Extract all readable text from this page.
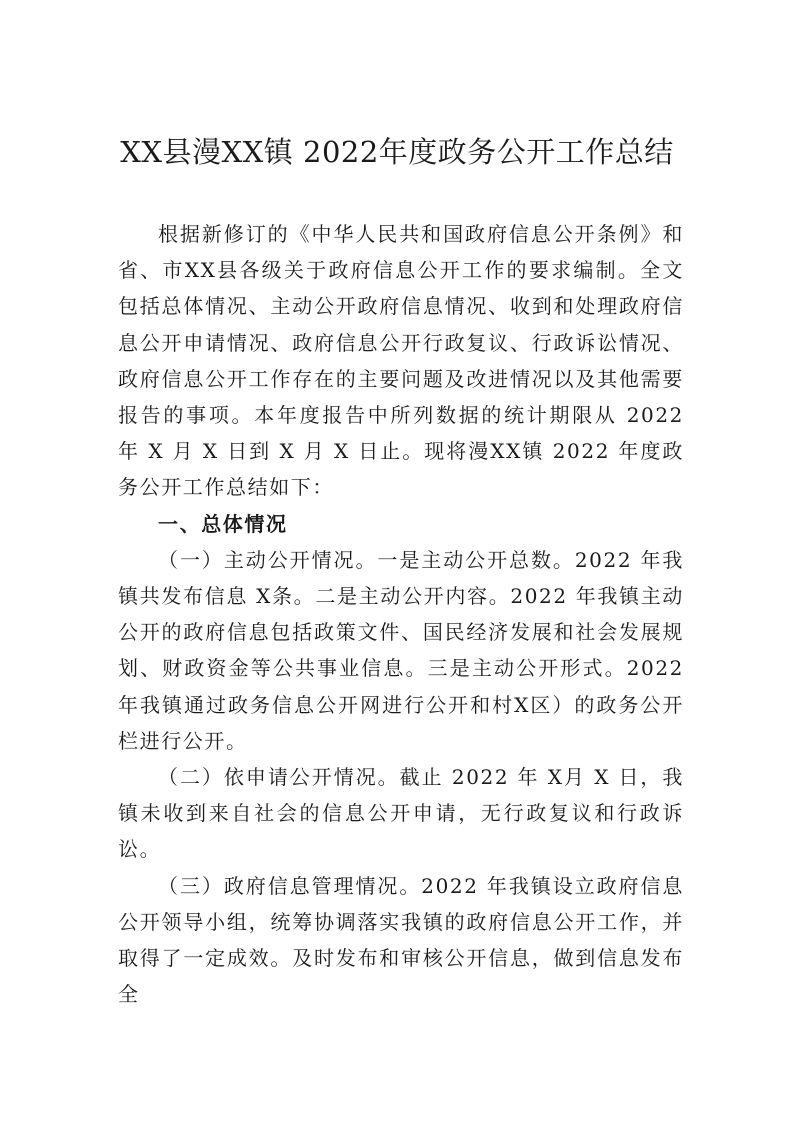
XX县漫XX镇 2022年度政务公开工作总结

根据新修订的《中华人民共和国政府信息公开条例》和省、市XX县各级关于政府信息公开工作的要求编制。全文包括总体情况、主动公开政府信息情况、收到和处理政府信息公开申请情况、政府信息公开行政复议、行政诉讼情况、政府信息公开工作存在的主要问题及改进情况以及其他需要 报告的事项。本年度报告中所列数据的统计期限从 2022 年 X 月 X 日到 X 月 X 日止。现将漫XX镇 2022 年度政务公开工作总结如下：

一、总体情况

（一）主动公开情况。一是主动公开总数。2022 年我镇共发布信息 X条。二是主动公开内容。2022 年我镇主动公开的政府信息包括政策文件、国民经济发展和社会发展规划、财政资金等公共事业信息。三是主动公开形式。2022 年我镇通过政务信息公开网进行公开和村X区）的政务公开栏进行公开。

（二）依申请公开情况。截止 2022 年 X月 X 日，我镇未收到来自社会的信息公开申请，无行政复议和行政诉讼。

（三）政府信息管理情况。2022 年我镇设立政府信息公开领导小组，统筹协调落实我镇的政府信息公开工作，并取得了一定成效。及时发布和审核公开信息，做到信息发布全
